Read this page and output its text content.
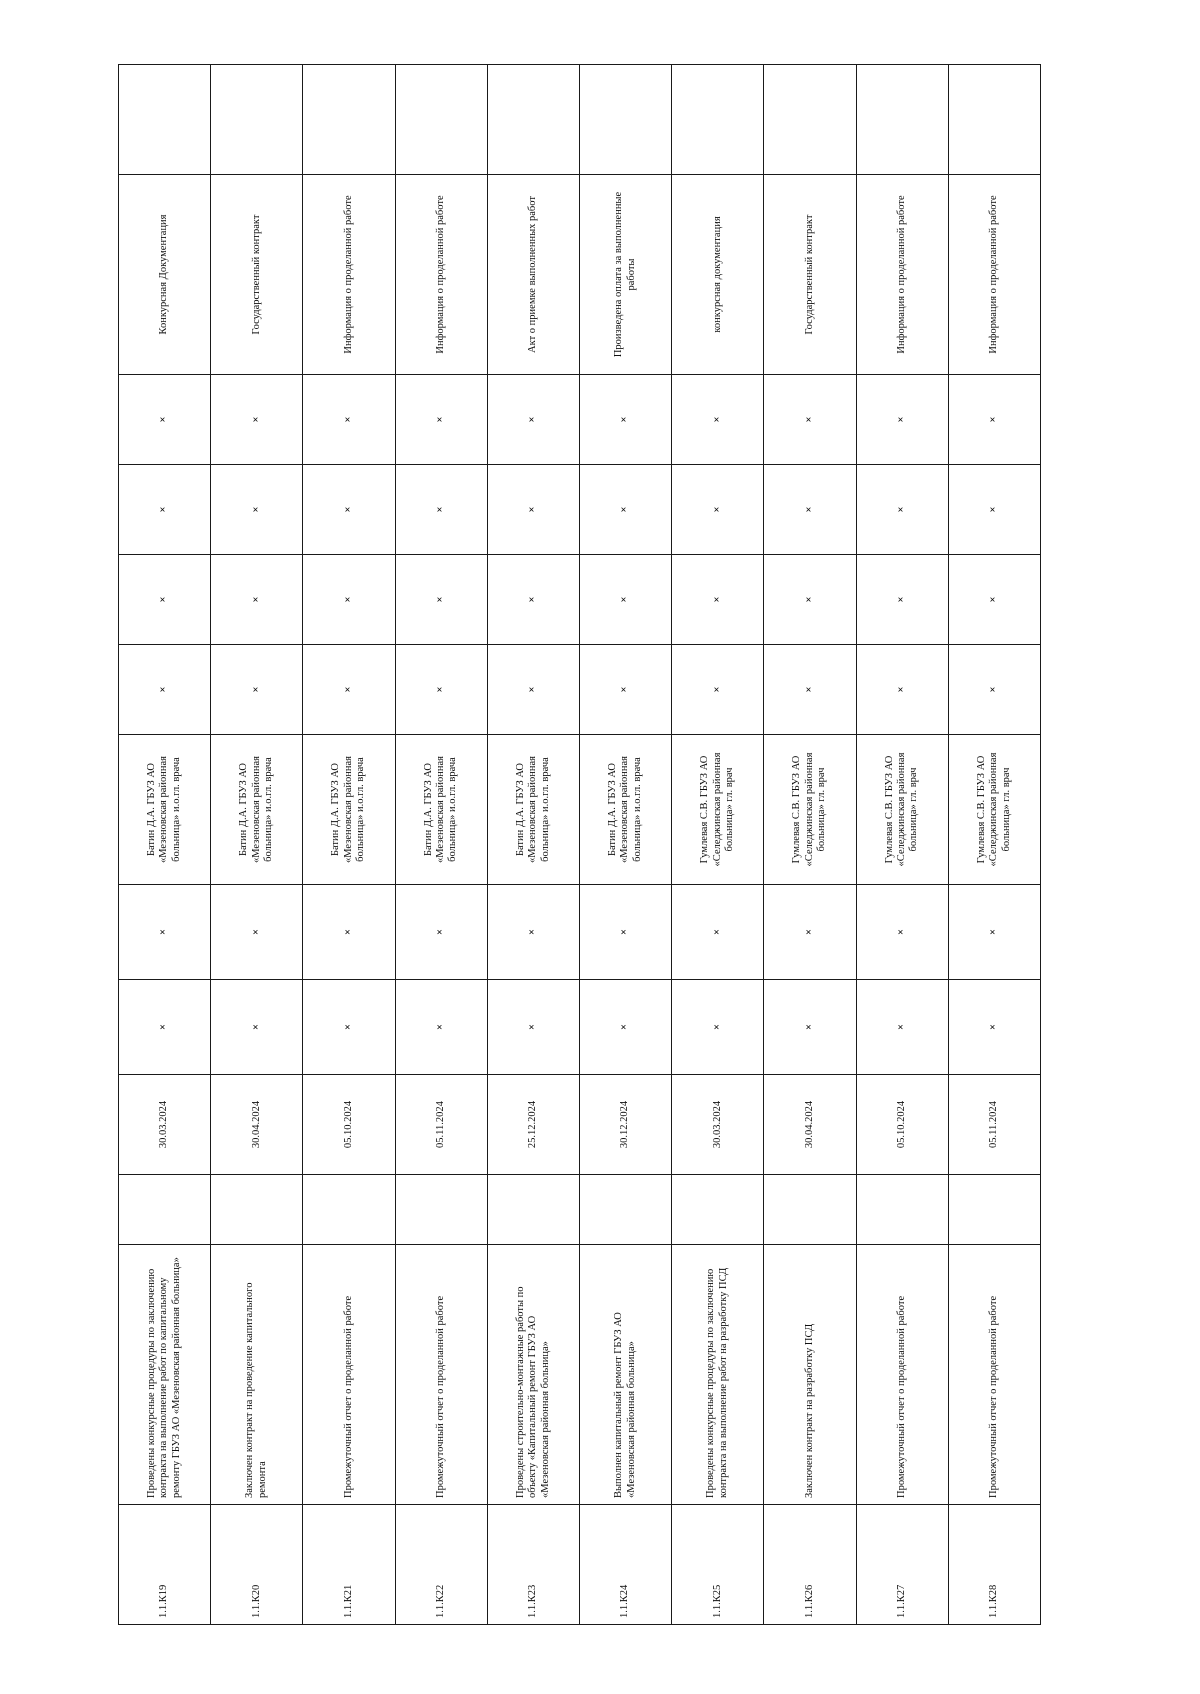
1.1.К19	Проведены конкурсные процедуры по заключению контракта на выполнение работ по капитальному ремонту ГБУЗ АО «Мезеновская районная больница»		30.03.2024	×	×	Батин Д.А. ГБУЗ АО «Мезеновская районная больница» и.о.гл. врача	×	×	×	×	Конкурсная Документация	
1.1.К20	Заключен контракт на проведение капитального ремонта		30.04.2024	×	×	Батин Д.А. ГБУЗ АО «Мезеновская районная больница» и.о.гл. врача	×	×	×	×	Государственный контракт	
1.1.К21	Промежуточный отчет о проделанной работе		05.10.2024	×	×	Батин Д.А. ГБУЗ АО «Мезеновская районная больница» и.о.гл. врача	×	×	×	×	Информация о проделанной работе	
1.1.К22	Промежуточный отчет о проделанной работе		05.11.2024	×	×	Батин Д.А. ГБУЗ АО «Мезеновская районная больница» и.о.гл. врача	×	×	×	×	Информация о проделанной работе	
1.1.К23	Проведены строительно-монтажные работы по объекту «Капитальный ремонт ГБУЗ АО «Мезеновская районная больница»		25.12.2024	×	×	Батин Д.А. ГБУЗ АО «Мезеновская районная больница» и.о.гл. врача	×	×	×	×	Акт о приемке выполненных работ	
1.1.К24	Выполнен капитальный ремонт ГБУЗ АО «Мезеновская районная больница»		30.12.2024	×	×	Батин Д.А. ГБУЗ АО «Мезеновская районная больница» и.о.гл. врача	×	×	×	×	Произведена оплата за выполненные работы	
1.1.К25	Проведены конкурсные процедуры по заключению контракта на выполнение работ на разработку ПСД		30.03.2024	×	×	Гумлевая С.В. ГБУЗ АО «Селеджинская районная больница» гл. врач	×	×	×	×	конкурсная документация	
1.1.К26	Заключен контракт на разработку ПСД		30.04.2024	×	×	Гумлевая С.В. ГБУЗ АО «Селеджинская районная больница» гл. врач	×	×	×	×	Государственный контракт	
1.1.К27	Промежуточный отчет о проделанной работе		05.10.2024	×	×	Гумлевая С.В. ГБУЗ АО «Селеджинская районная больница» гл. врач	×	×	×	×	Информация о проделанной работе	
1.1.К28	Промежуточный отчет о проделанной работе		05.11.2024	×	×	Гумлевая С.В. ГБУЗ АО «Селеджинская районная больница» гл. врач	×	×	×	×	Информация о проделанной работе	
